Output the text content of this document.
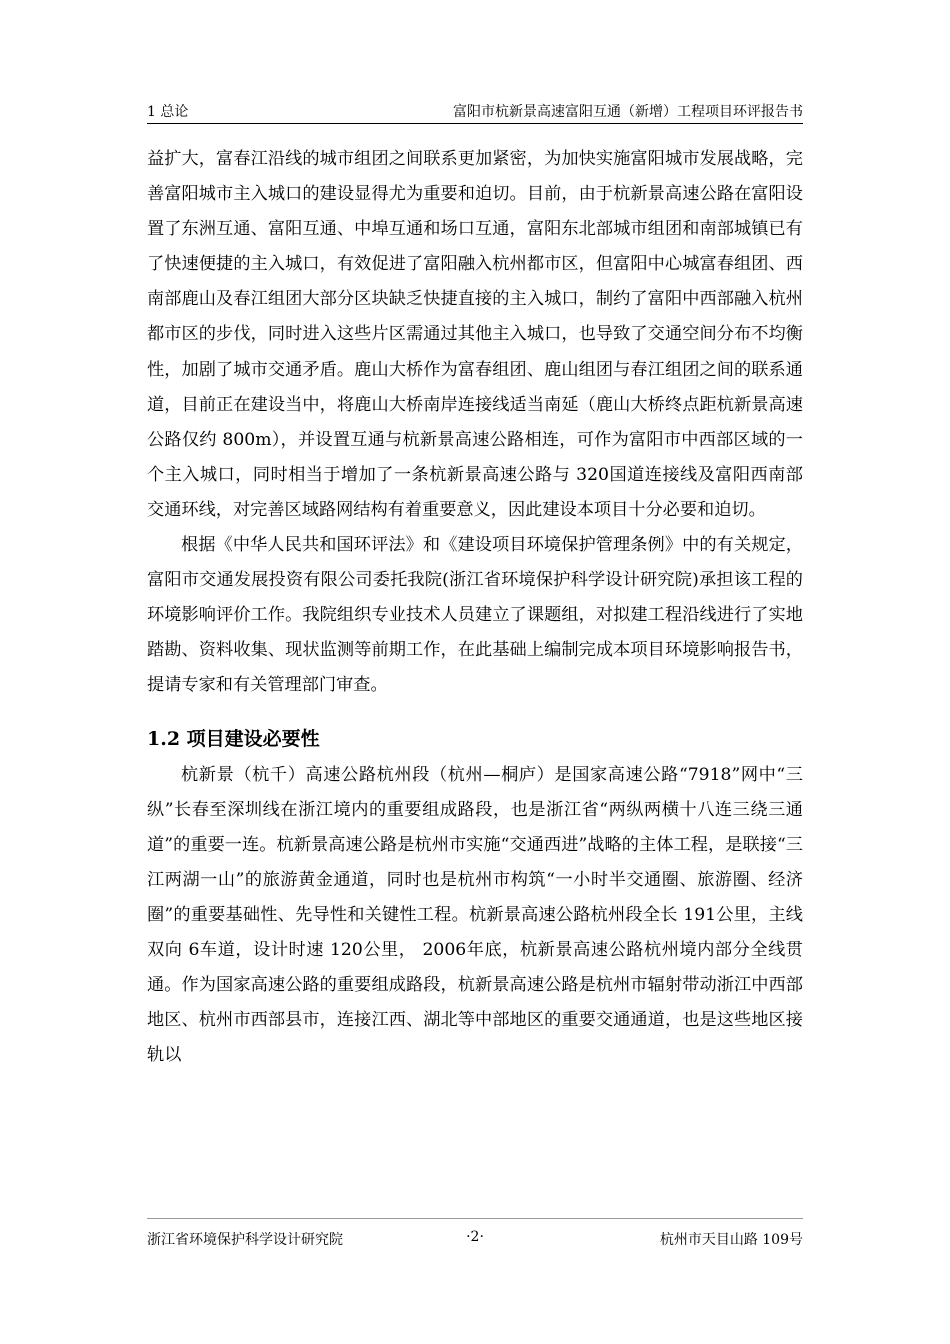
1 总论	富阳市杭新景高速富阳互通（新增）工程项目环评报告书

益扩大，富春江沿线的城市组团之间联系更加紧密，为加快实施富阳城市发展战略，完善富阳城市主入城口的建设显得尤为重要和迫切。目前，由于杭新景高速公路在富阳设置了东洲互通、富阳互通、中埠互通和场口互通，富阳东北部城市组团和南部城镇已有了快速便捷的主入城口，有效促进了富阳融入杭州都市区，但富阳中心城富春组团、西南部鹿山及春江组团大部分区块缺乏快捷直接的主入城口，制约了富阳中西部融入杭州都市区的步伐，同时进入这些片区需通过其他主入城口，也导致了交通空间分布不均衡性，加剧了城市交通矛盾。鹿山大桥作为富春组团、鹿山组团与春江组团之间的联系通道，目前正在建设当中，将鹿山大桥南岸连接线适当南延（鹿山大桥终点距杭新景高速公路仅约 800m），并设置互通与杭新景高速公路相连，可作为富阳市中西部区域的一个主入城口，同时相当于增加了一条杭新景高速公路与 320国道连接线及富阳西南部交通环线，对完善区域路网结构有着重要意义，因此建设本项目十分必要和迫切。

根据《中华人民共和国环评法》和《建设项目环境保护管理条例》中的有关规定，富阳市交通发展投资有限公司委托我院(浙江省环境保护科学设计研究院)承担该工程的环境影响评价工作。我院组织专业技术人员建立了课题组，对拟建工程沿线进行了实地踏勘、资料收集、现状监测等前期工作，在此基础上编制完成本项目环境影响报告书，提请专家和有关管理部门审查。

1.2 项目建设必要性

杭新景（杭千）高速公路杭州段（杭州—桐庐）是国家高速公路“7918”网中“三纵”长春至深圳线在浙江境内的重要组成路段，也是浙江省“两纵两横十八连三绕三通道”的重要一连。杭新景高速公路是杭州市实施“交通西进”战略的主体工程，是联接“三江两湖一山”的旅游黄金通道，同时也是杭州市构筑“一小时半交通圈、旅游圈、经济圈”的重要基础性、先导性和关键性工程。杭新景高速公路杭州段全长 191公里，主线双向 6车道，设计时速 120公里， 2006年底，杭新景高速公路杭州境内部分全线贯通。作为国家高速公路的重要组成路段，杭新景高速公路是杭州市辐射带动浙江中西部地区、杭州市西部县市，连接江西、湖北等中部地区的重要交通通道，也是这些地区接轨以

浙江省环境保护科学设计研究院	·2·	杭州市天目山路 109号
